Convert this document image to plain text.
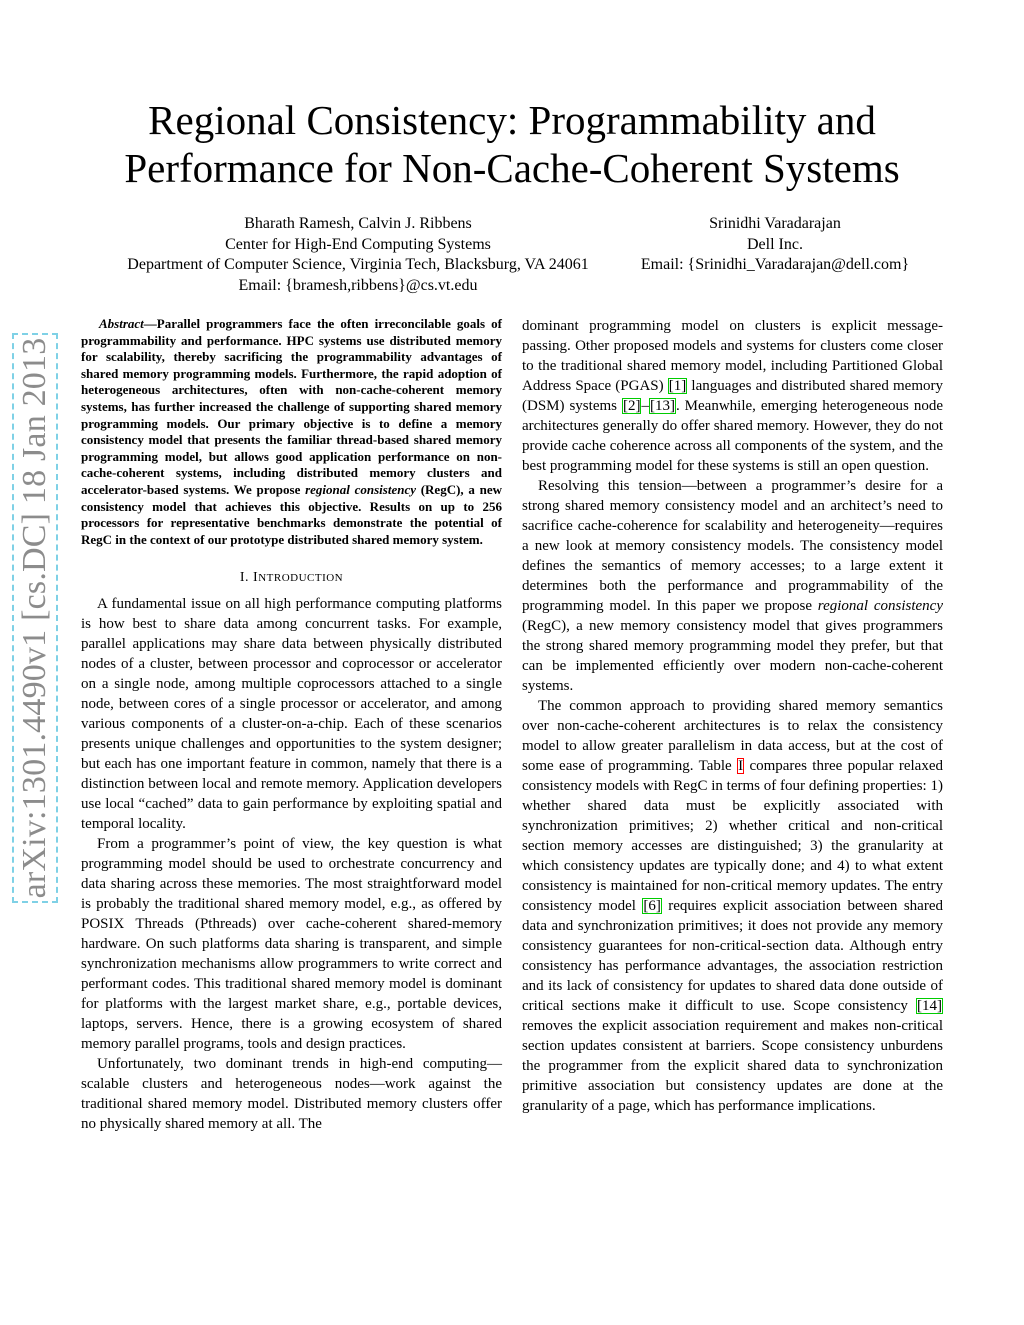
arXiv:1301.4490v1 [cs.DC] 18 Jan 2013
Regional Consistency: Programmability and
Performance for Non-Cache-Coherent Systems
Bharath Ramesh, Calvin J. Ribbens
Center for High-End Computing Systems
Department of Computer Science, Virginia Tech, Blacksburg, VA 24061
Email: {bramesh,ribbens}@cs.vt.edu
Srinidhi Varadarajan
Dell Inc.
Email: {Srinidhi_Varadarajan@dell.com}

Abstract—Parallel programmers face the often irreconcilable goals of programmability and performance. HPC systems use distributed memory for scalability, thereby sacrificing the programmability advantages of shared memory programming models. Furthermore, the rapid adoption of heterogeneous architectures, often with non-cache-coherent memory systems, has further increased the challenge of supporting shared memory programming models. Our primary objective is to define a memory consistency model that presents the familiar thread-based shared memory programming model, but allows good application performance on non-cache-coherent systems, including distributed memory clusters and accelerator-based systems. We propose regional consistency (RegC), a new consistency model that achieves this objective. Results on up to 256 processors for representative benchmarks demonstrate the potential of RegC in the context of our prototype distributed shared memory system.

I. INTRODUCTION

A fundamental issue on all high performance computing platforms is how best to share data among concurrent tasks. For example, parallel applications may share data between physically distributed nodes of a cluster, between processor and coprocessor or accelerator on a single node, among multiple coprocessors attached to a single node, between cores of a single processor or accelerator, and among various components of a cluster-on-a-chip. Each of these scenarios presents unique challenges and opportunities to the system designer; but each has one important feature in common, namely that there is a distinction between local and remote memory. Application developers use local “cached” data to gain performance by exploiting spatial and temporal locality.

From a programmer’s point of view, the key question is what programming model should be used to orchestrate concurrency and data sharing across these memories. The most straightforward model is probably the traditional shared memory model, e.g., as offered by POSIX Threads (Pthreads) over cache-coherent shared-memory hardware. On such platforms data sharing is transparent, and simple synchronization mechanisms allow programmers to write correct and performant codes. This traditional shared memory model is dominant for platforms with the largest market share, e.g., portable devices, laptops, servers. Hence, there is a growing ecosystem of shared memory parallel programs, tools and design practices.

Unfortunately, two dominant trends in high-end computing—scalable clusters and heterogeneous nodes—work against the traditional shared memory model. Distributed memory clusters offer no physically shared memory at all. The

dominant programming model on clusters is explicit message-passing. Other proposed models and systems for clusters come closer to the traditional shared memory model, including Partitioned Global Address Space (PGAS) [1] languages and distributed shared memory (DSM) systems [2]–[13]. Meanwhile, emerging heterogeneous node architectures generally do offer shared memory. However, they do not provide cache coherence across all components of the system, and the best programming model for these systems is still an open question.

Resolving this tension—between a programmer’s desire for a strong shared memory consistency model and an architect’s need to sacrifice cache-coherence for scalability and heterogeneity—requires a new look at memory consistency models. The consistency model defines the semantics of memory accesses; to a large extent it determines both the performance and programmability of the programming model. In this paper we propose regional consistency (RegC), a new memory consistency model that gives programmers the strong shared memory programming model they prefer, but that can be implemented efficiently over modern non-cache-coherent systems.

The common approach to providing shared memory semantics over non-cache-coherent architectures is to relax the consistency model to allow greater parallelism in data access, but at the cost of some ease of programming. Table I compares three popular relaxed consistency models with RegC in terms of four defining properties: 1) whether shared data must be explicitly associated with synchronization primitives; 2) whether critical and non-critical section memory accesses are distinguished; 3) the granularity at which consistency updates are typically done; and 4) to what extent consistency is maintained for non-critical memory updates. The entry consistency model [6] requires explicit association between shared data and synchronization primitives; it does not provide any memory consistency guarantees for non-critical-section data. Although entry consistency has performance advantages, the association restriction and its lack of consistency for updates to shared data done outside of critical sections make it difficult to use. Scope consistency [14] removes the explicit association requirement and makes non-critical section updates consistent at barriers. Scope consistency unburdens the programmer from the explicit shared data to synchronization primitive association but consistency updates are done at the granularity of a page, which has performance implications.
